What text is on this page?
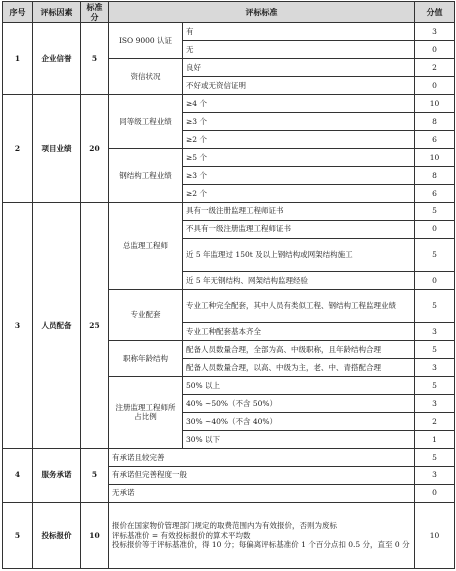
序号	评标因素	标准分	评标标准		分值
1	企业信誉	5	ISO 9000 认证	有	3
				无	0
			资信状况	良好	2
				不好或无资信证明	0
2	项目业绩	20	同等级工程业绩	≥4 个	10
				≥3 个	8
				≥2 个	6
			钢结构工程业绩	≥5 个	10
				≥3 个	8
				≥2 个	6
3	人员配备	25	总监理工程师	具有一级注册监理工程师证书	5
				不具有一级注册监理工程师证书	0
				近 5 年监理过 150t 及以上钢结构或网架结构施工	5
				近 5 年无钢结构、网架结构监理经验	0
			专业配套	专业工种完全配套，其中人员有类似工程、钢结构工程监理业绩	5
				专业工种配套基本齐全	3
			职称年龄结构	配备人员数量合理，全部为高、中级职称，且年龄结构合理	5
				配备人员数量合理，以高、中级为主，老、中、青搭配合理	3
			注册监理工程师所占比例	50% 以上	5
				40% ~50%（不含 50%）	3
				30% ~40%（不含 40%）	2
				30% 以下	1
4	服务承诺	5	有承诺且较完善		5
			有承诺但完善程度一般		3
			无承诺		0
5	投标报价	10	报价在国家物价管理部门规定的取费范围内为有效报价，否则为废标
评标基准价 = 有效投标报价的算术平均数
投标报价等于评标基准价，得 10 分；每偏离评标基准价 1 个百分点扣 0.5 分，直至 0 分		10
